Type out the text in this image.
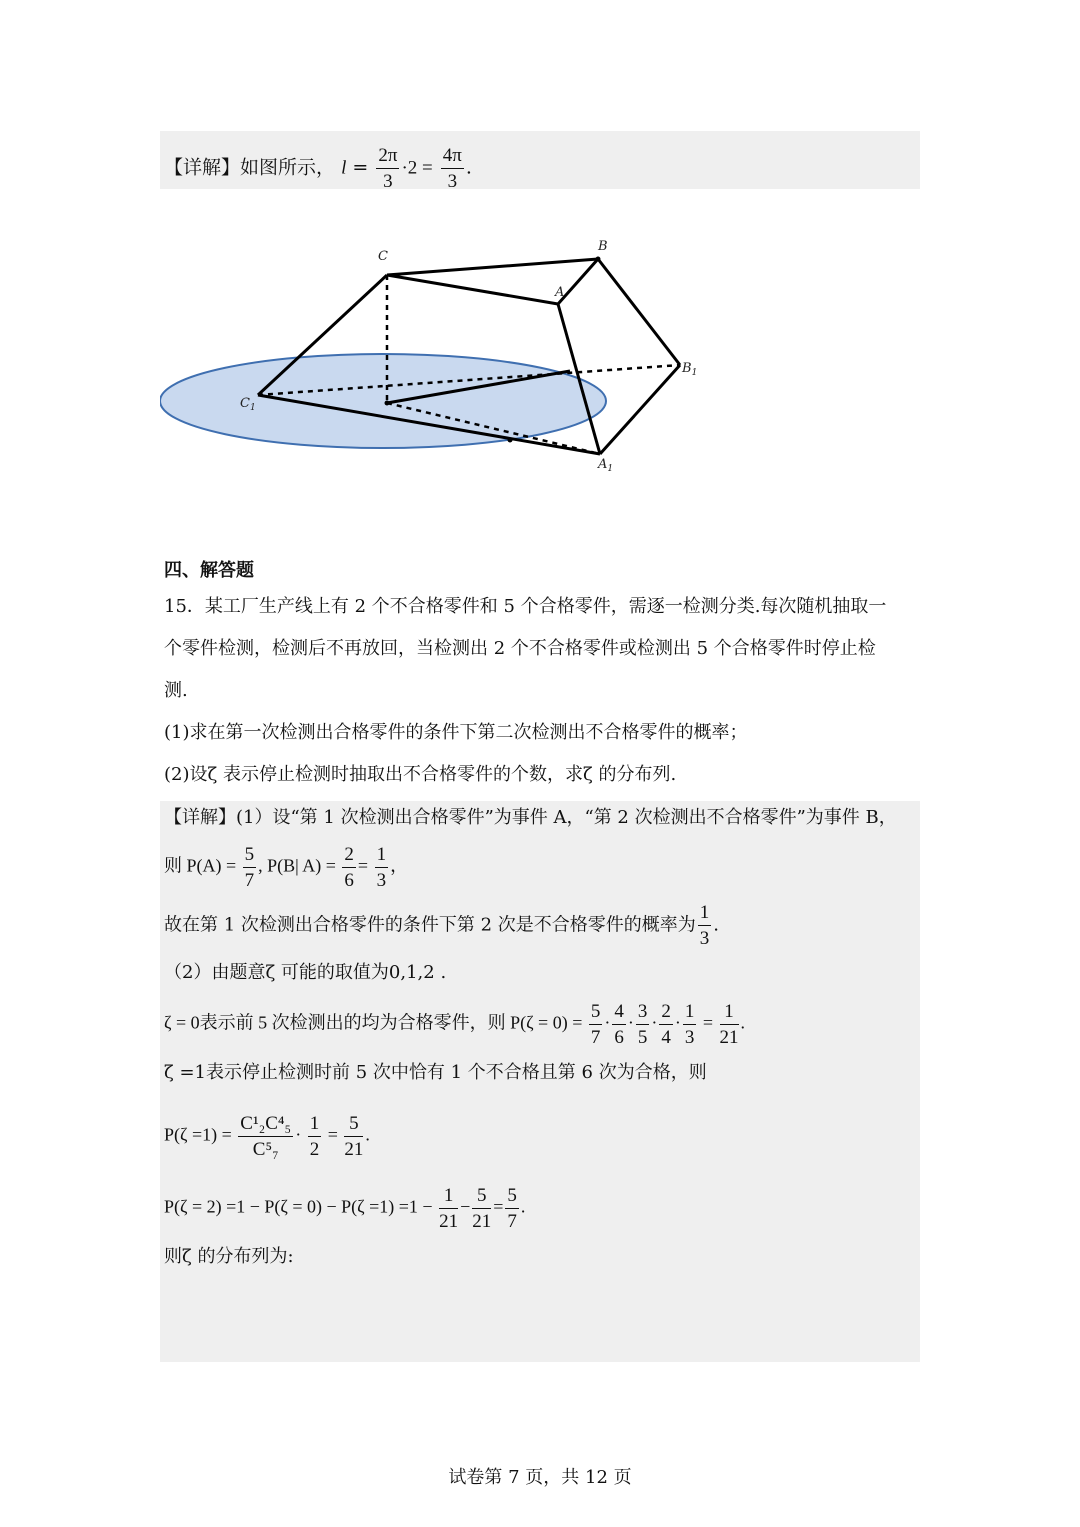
【详解】如图所示， $l = \frac{2\pi}{3} \cdot 2 = \frac{4\pi}{3}$ .
C
B
A
$B_1$
$C_1$
$A_1$
四、解答题
15．某工厂生产线上有 2 个不合格零件和 5 个合格零件，需逐一检测分类.每次随机抽取一
个零件检测，检测后不再放回，当检测出 2 个不合格零件或检测出 5 个合格零件时停止检
测.
(1)求在第一次检测出合格零件的条件下第二次检测出不合格零件的概率；
(2)设ζ 表示停止检测时抽取出不合格零件的个数，求ζ 的分布列.
【详解】(1）设“第 1 次检测出合格零件”为事件 A，“第 2 次检测出不合格零件”为事件 B，
则 $P(A) = \frac{5}{7}$ , P(B| $A) = \frac{2}{6} = \frac{1}{3}$ ，
故在第 1 次检测出合格零件的条件下第 2 次是不合格零件的概率为 $\frac{1}{3}$ .
（2）由题意ζ 可能的取值为0,1,2 .
ζ = 0表示前 5 次检测出的均为合格零件，则 $P(\zeta = 0) = \frac{5}{7} \cdot \frac{4}{6} \cdot \frac{3}{5} \cdot \frac{2}{4} \cdot \frac{1}{3} = \frac{1}{21}$ .
ζ =1表示停止检测时前 5 次中恰有 1 个不合格且第 6 次为合格，则
$P(\zeta =1) = \frac{\text{C¹₂C⁴₅}}{\text{C⁵₇}} \cdot \frac{1}{2} = \frac{5}{21}$ .
$P(\zeta = 2) =1 - P(\zeta = 0) - P(\zeta =1) =1 - \frac{1}{21} - \frac{5}{21} = \frac{5}{7}$ .
则ζ 的分布列为:
试卷第 7 页，共 12 页
